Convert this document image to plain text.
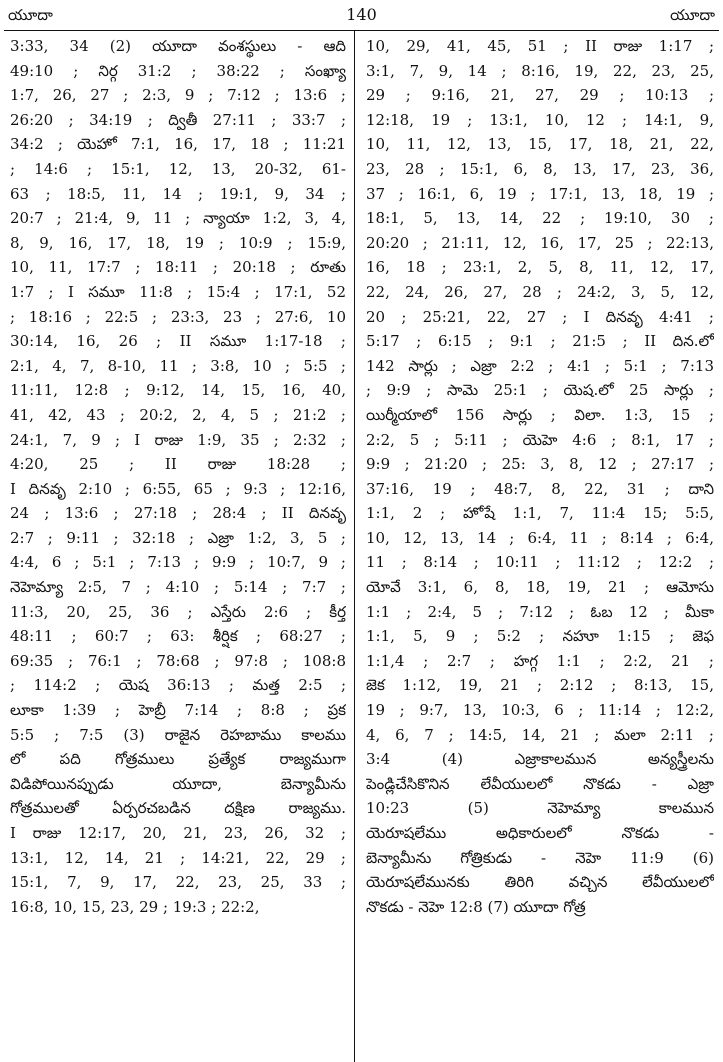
యూదా	140	యూదా
3:33, 34 (2) యూదా వంశస్థులు - ఆది
49:10 ; నిర్గ 31:2 ; 38:22 ; సంఖ్యా
1:7, 26, 27 ; 2:3, 9 ; 7:12 ; 13:6 ;
26:20 ; 34:19 ; ద్వితీ 27:11 ; 33:7 ;
34:2 ; యెహో 7:1, 16, 17, 18 ; 11:21
; 14:6 ; 15:1, 12, 13, 20-32, 61-
63 ; 18:5, 11, 14 ; 19:1, 9, 34 ;
20:7 ; 21:4, 9, 11 ; న్యాయా 1:2, 3, 4,
8, 9, 16, 17, 18, 19 ; 10:9 ; 15:9,
10, 11, 17:7 ; 18:11 ; 20:18 ; రూతు
1:7 ; I సమూ 11:8 ; 15:4 ; 17:1, 52
; 18:16 ; 22:5 ; 23:3, 23 ; 27:6, 10
30:14, 16, 26 ; II సమూ 1:17-18 ;
2:1, 4, 7, 8-10, 11 ; 3:8, 10 ; 5:5 ;
11:11, 12:8 ; 9:12, 14, 15, 16, 40,
41, 42, 43 ; 20:2, 2, 4, 5 ; 21:2 ;
24:1, 7, 9 ; I రాజు 1:9, 35 ; 2:32 ;
4:20, 25 ; II రాజు 18:28 ;
I దినవృ 2:10 ; 6:55, 65 ; 9:3 ; 12:16,
24 ; 13:6 ; 27:18 ; 28:4 ; II దినవృ
2:7 ; 9:11 ; 32:18 ; ఎజ్రా 1:2, 3, 5 ;
4:4, 6 ; 5:1 ; 7:13 ; 9:9 ; 10:7, 9 ;
నెహెమ్యా 2:5, 7 ; 4:10 ; 5:14 ; 7:7 ;
11:3, 20, 25, 36 ; ఎస్తేరు 2:6 ; కీర్త
48:11 ; 60:7 ; 63: శీర్షిక ; 68:27 ;
69:35 ; 76:1 ; 78:68 ; 97:8 ; 108:8
; 114:2 ; యెష 36:13 ; మత్త 2:5 ;
లూకా 1:39 ; హెబ్రీ 7:14 ; 8:8 ; ప్రక
5:5 ; 7:5 (3) రాజైన రెహబాము కాలము
లో పది గోత్రములు ప్రత్యేక రాజ్యముగా
విడిపోయినప్పుడు యూదా, బెన్యామీను
గోత్రములతో ఏర్పరచబడిన దక్షిణ రాజ్యము.
I రాజు 12:17, 20, 21, 23, 26, 32 ;
13:1, 12, 14, 21 ; 14:21, 22, 29 ;
15:1, 7, 9, 17, 22, 23, 25, 33 ;
16:8, 10, 15, 23, 29 ; 19:3 ; 22:2,
10, 29, 41, 45, 51 ; II రాజు 1:17 ;
3:1, 7, 9, 14 ; 8:16, 19, 22, 23, 25,
29 ; 9:16, 21, 27, 29 ; 10:13 ;
12:18, 19 ; 13:1, 10, 12 ; 14:1, 9,
10, 11, 12, 13, 15, 17, 18, 21, 22,
23, 28 ; 15:1, 6, 8, 13, 17, 23, 36,
37 ; 16:1, 6, 19 ; 17:1, 13, 18, 19 ;
18:1, 5, 13, 14, 22 ; 19:10, 30 ;
20:20 ; 21:11, 12, 16, 17, 25 ; 22:13,
16, 18 ; 23:1, 2, 5, 8, 11, 12, 17,
22, 24, 26, 27, 28 ; 24:2, 3, 5, 12,
20 ; 25:21, 22, 27 ; I దినవృ 4:41 ;
5:17 ; 6:15 ; 9:1 ; 21:5 ; II దిన.లో
142 సార్లు ; ఎజ్రా 2:2 ; 4:1 ; 5:1 ; 7:13
; 9:9 ; సామె 25:1 ; యెష.లో 25 సార్లు ;
యిర్మీయాలో 156 సార్లు ; విలా. 1:3, 15 ;
2:2, 5 ; 5:11 ; యెహె 4:6 ; 8:1, 17 ;
9:9 ; 21:20 ; 25: 3, 8, 12 ; 27:17 ;
37:16, 19 ; 48:7, 8, 22, 31 ; దాని
1:1, 2 ; హోషే 1:1, 7, 11:4 15; 5:5,
10, 12, 13, 14 ; 6:4, 11 ; 8:14 ; 6:4,
11 ; 8:14 ; 10:11 ; 11:12 ; 12:2 ;
యోవే 3:1, 6, 8, 18, 19, 21 ; ఆమోసు
1:1 ; 2:4, 5 ; 7:12 ; ఓబ 12 ; మీకా
1:1, 5, 9 ; 5:2 ; నహూ 1:15 ; జెఫ
1:1,4 ; 2:7 ; హగ్గ 1:1 ; 2:2, 21 ;
జెక 1:12, 19, 21 ; 2:12 ; 8:13, 15,
19 ; 9:7, 13, 10:3, 6 ; 11:14 ; 12:2,
4, 6, 7 ; 14:5, 14, 21 ; మలా 2:11 ;
3:4 (4) ఎజ్రాకాలమున అన్యస్త్రీలను
పెండ్లిచేసికొనిన లేవీయులలో నొకడు - ఎజ్రా
10:23 (5) నెహెమ్యా కాలమున
యెరూషలేము అధికారులలో నొకడు -
బెన్యామీను గోత్రికుడు - నెహె 11:9 (6)
యెరూషలేమునకు తిరిగి వచ్చిన లేవీయులలో
నొకడు - నెహె 12:8 (7) యూదా గోత్ర
